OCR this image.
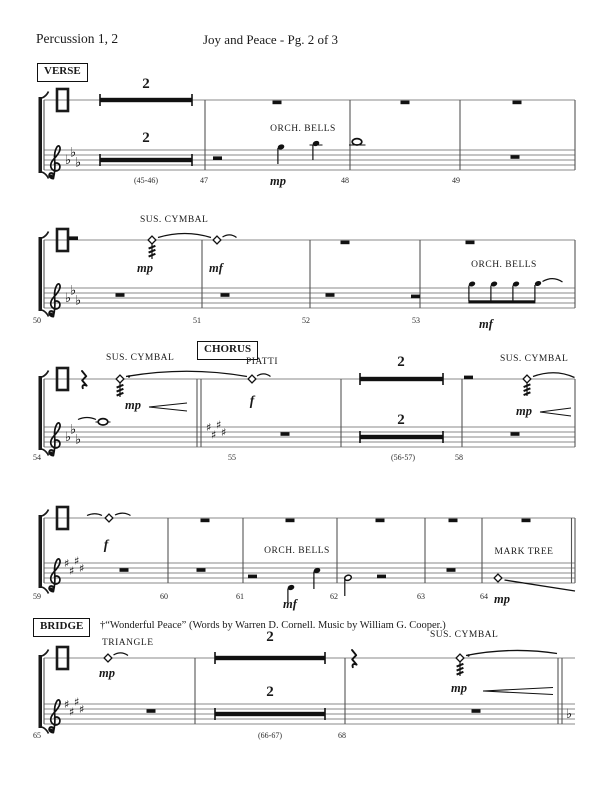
♭
♭
♭
♭
♭
♭
♭
♭
♭
♯
♯
♯
♯
♯
♯
♯
♯
♯
♯
♯
♯	♭
Percussion 1, 2	Joy and Peace - Pg. 2 of 3
VERSE
CHORUS
BRIDGE	†“Wonderful Peace” (Words by Warren D. Cornell. Music by William G. Cooper.)
2
2
ORCH. BELLS
mp
(45-46)	47	48	49
SUS. CYMBAL
mp	mf	ORCH. BELLS
mf
50	51	52	53
SUS. CYMBAL	PIATTI	SUS. CYMBAL
mp	f
mp
2
2
54	55	(56-57)	58
f	ORCH. BELLS	MARK TREE
mf	mp
59	60	61	62	63	64
TRIANGLE
SUS. CYMBAL
mp
mp
2
2
65	(66-67)	68
